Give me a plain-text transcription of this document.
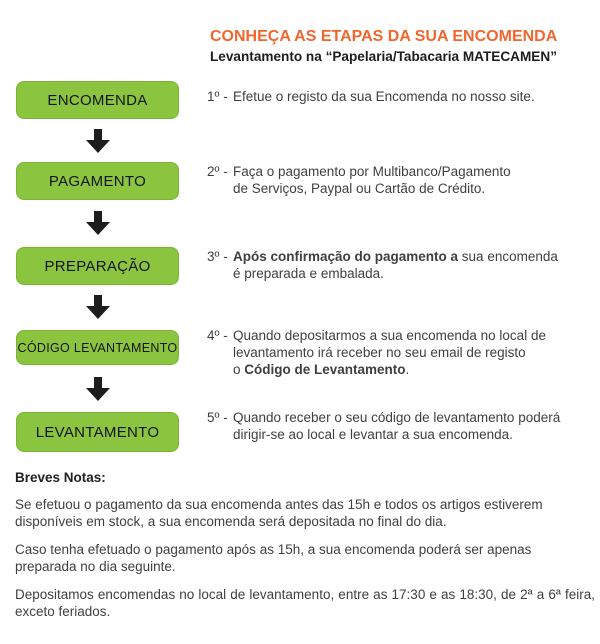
CONHEÇA AS ETAPAS DA SUA ENCOMENDA
Levantamento na “Papelaria/Tabacaria MATECAMEN”
ENCOMENDA
PAGAMENTO
PREPARAÇÃO
CÓDIGO LEVANTAMENTO
LEVANTAMENTO
1º - Efetue o registo da sua Encomenda no nosso site.
2º - Faça o pagamento por Multibanco/Pagamento
de Serviços, Paypal ou Cartão de Crédito.
3º - Após confirmação do pagamento a sua encomenda
é preparada e embalada.
4º - Quando depositarmos a sua encomenda no local de
levantamento irá receber no seu email de registo
o Código de Levantamento.
5º - Quando receber o seu código de levantamento poderá
dirigir-se ao local e levantar a sua encomenda.
Breves Notas:

Se efetuou o pagamento da sua encomenda antes das 15h e todos os artigos estiverem disponíveis em stock, a sua encomenda será depositada no final do dia.

Caso tenha efetuado o pagamento após as 15h, a sua encomenda poderá ser apenas preparada no dia seguinte.

Depositamos encomendas no local de levantamento, entre as 17:30 e as 18:30, de 2ª a 6ª feira, exceto feriados.
